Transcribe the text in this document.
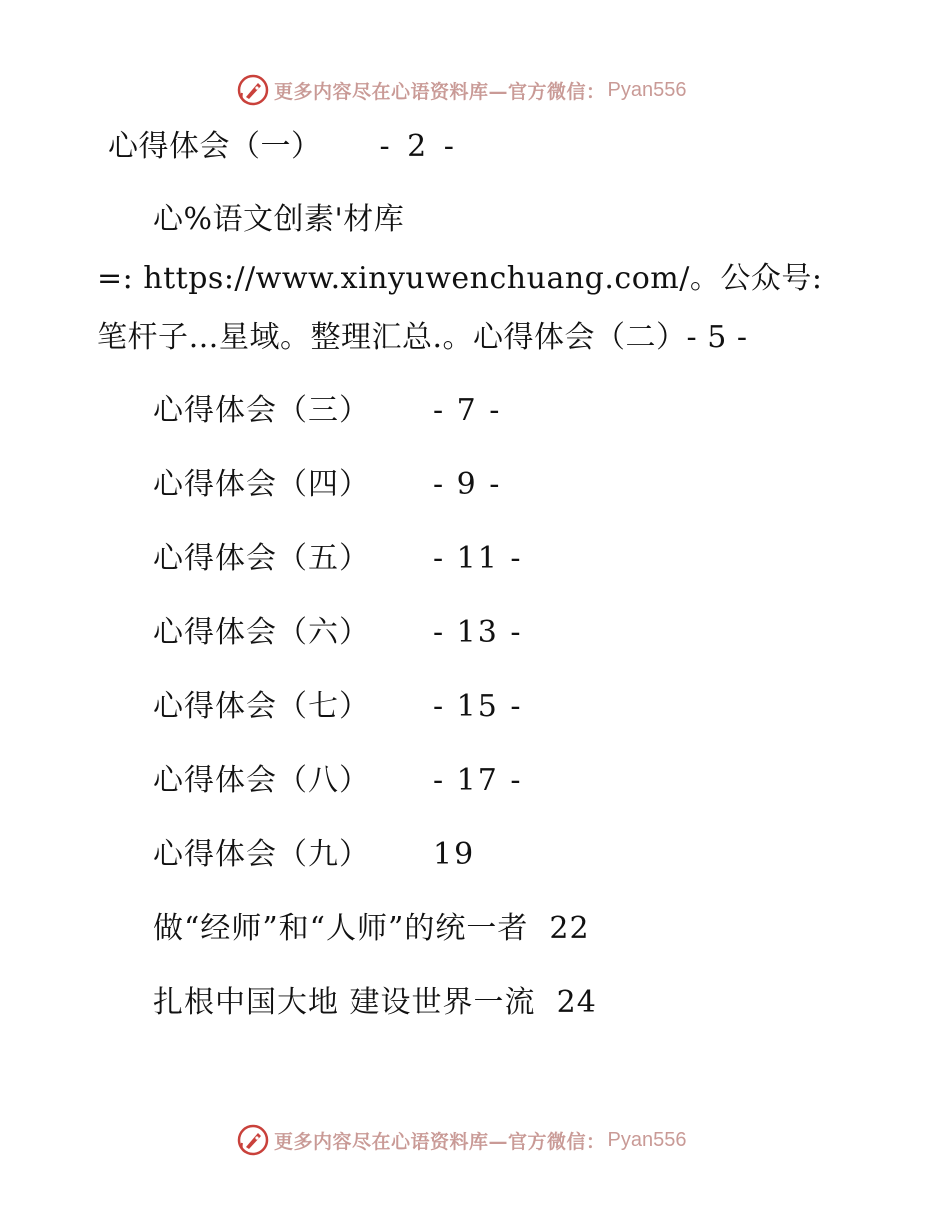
更多内容尽在心语资料库—官方微信： Pyan556
心得体会（一） - 2 -
心%语文创素'材库
=: https://www.xinyuwenchuang.com/。公众号:
笔杆子…星域。整理汇总.。心得体会（二）- 5 -
心得体会（三）	- 7 -
心得体会（四）	- 9 -
心得体会（五）	- 11 -
心得体会（六）	- 13 -
心得体会（七）	- 15 -
心得体会（八）	- 17 -
心得体会（九）	19
做“经师”和“人师”的统一者  22
扎根中国大地 建设世界一流  24
更多内容尽在心语资料库—官方微信： Pyan556
